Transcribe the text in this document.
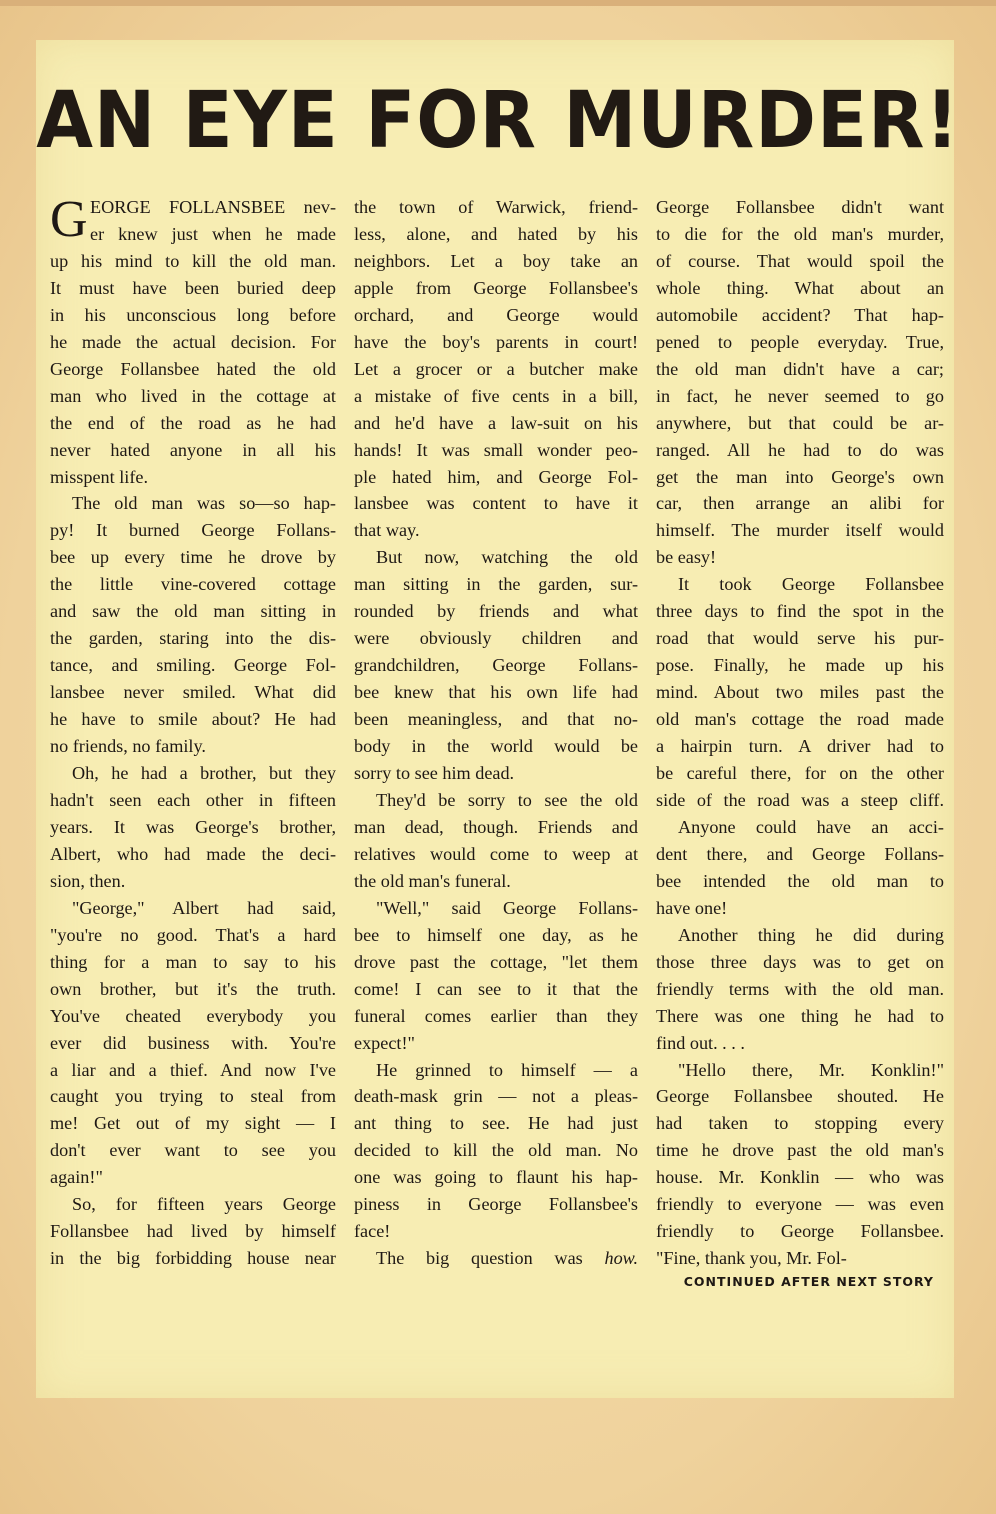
AN EYE FOR MURDER!
G EORGE FOLLANSBEE nev-

er knew just when he made

up his mind to kill the old man.

It must have been buried deep

in his unconscious long before

he made the actual decision. For

George Follansbee hated the old

man who lived in the cottage at

the end of the road as he had

never hated anyone in all his

misspent life.

The old man was so—so hap-

py! It burned George Follans-

bee up every time he drove by

the little vine-covered cottage

and saw the old man sitting in

the garden, staring into the dis-

tance, and smiling. George Fol-

lansbee never smiled. What did

he have to smile about? He had

no friends, no family.

Oh, he had a brother, but they

hadn't seen each other in fifteen

years. It was George's brother,

Albert, who had made the deci-

sion, then.

"George," Albert had said,

"you're no good. That's a hard

thing for a man to say to his

own brother, but it's the truth.

You've cheated everybody you

ever did business with. You're

a liar and a thief. And now I've

caught you trying to steal from

me! Get out of my sight — I

don't ever want to see you

again!"

So, for fifteen years George

Follansbee had lived by himself

in the big forbidding house near

the town of Warwick, friend-

less, alone, and hated by his

neighbors. Let a boy take an

apple from George Follansbee's

orchard, and George would

have the boy's parents in court!

Let a grocer or a butcher make

a mistake of five cents in a bill,

and he'd have a law-suit on his

hands! It was small wonder peo-

ple hated him, and George Fol-

lansbee was content to have it

that way.

But now, watching the old

man sitting in the garden, sur-

rounded by friends and what

were obviously children and

grandchildren, George Follans-

bee knew that his own life had

been meaningless, and that no-

body in the world would be

sorry to see him dead.

They'd be sorry to see the old

man dead, though. Friends and

relatives would come to weep at

the old man's funeral.

"Well," said George Follans-

bee to himself one day, as he

drove past the cottage, "let them

come! I can see to it that the

funeral comes earlier than they

expect!"

He grinned to himself — a

death-mask grin — not a pleas-

ant thing to see. He had just

decided to kill the old man. No

one was going to flaunt his hap-

piness in George Follansbee's

face!

The big question was how.

George Follansbee didn't want

to die for the old man's murder,

of course. That would spoil the

whole thing. What about an

automobile accident? That hap-

pened to people everyday. True,

the old man didn't have a car;

in fact, he never seemed to go

anywhere, but that could be ar-

ranged. All he had to do was

get the man into George's own

car, then arrange an alibi for

himself. The murder itself would

be easy!

It took George Follansbee

three days to find the spot in the

road that would serve his pur-

pose. Finally, he made up his

mind. About two miles past the

old man's cottage the road made

a hairpin turn. A driver had to

be careful there, for on the other

side of the road was a steep cliff.

Anyone could have an acci-

dent there, and George Follans-

bee intended the old man to

have one!

Another thing he did during

those three days was to get on

friendly terms with the old man.

There was one thing he had to

find out. . . .

"Hello there, Mr. Konklin!"

George Follansbee shouted. He

had taken to stopping every

time he drove past the old man's

house. Mr. Konklin — who was

friendly to everyone — was even

friendly to George Follansbee.

"Fine, thank you, Mr. Fol-

CONTINUED AFTER NEXT STORY
